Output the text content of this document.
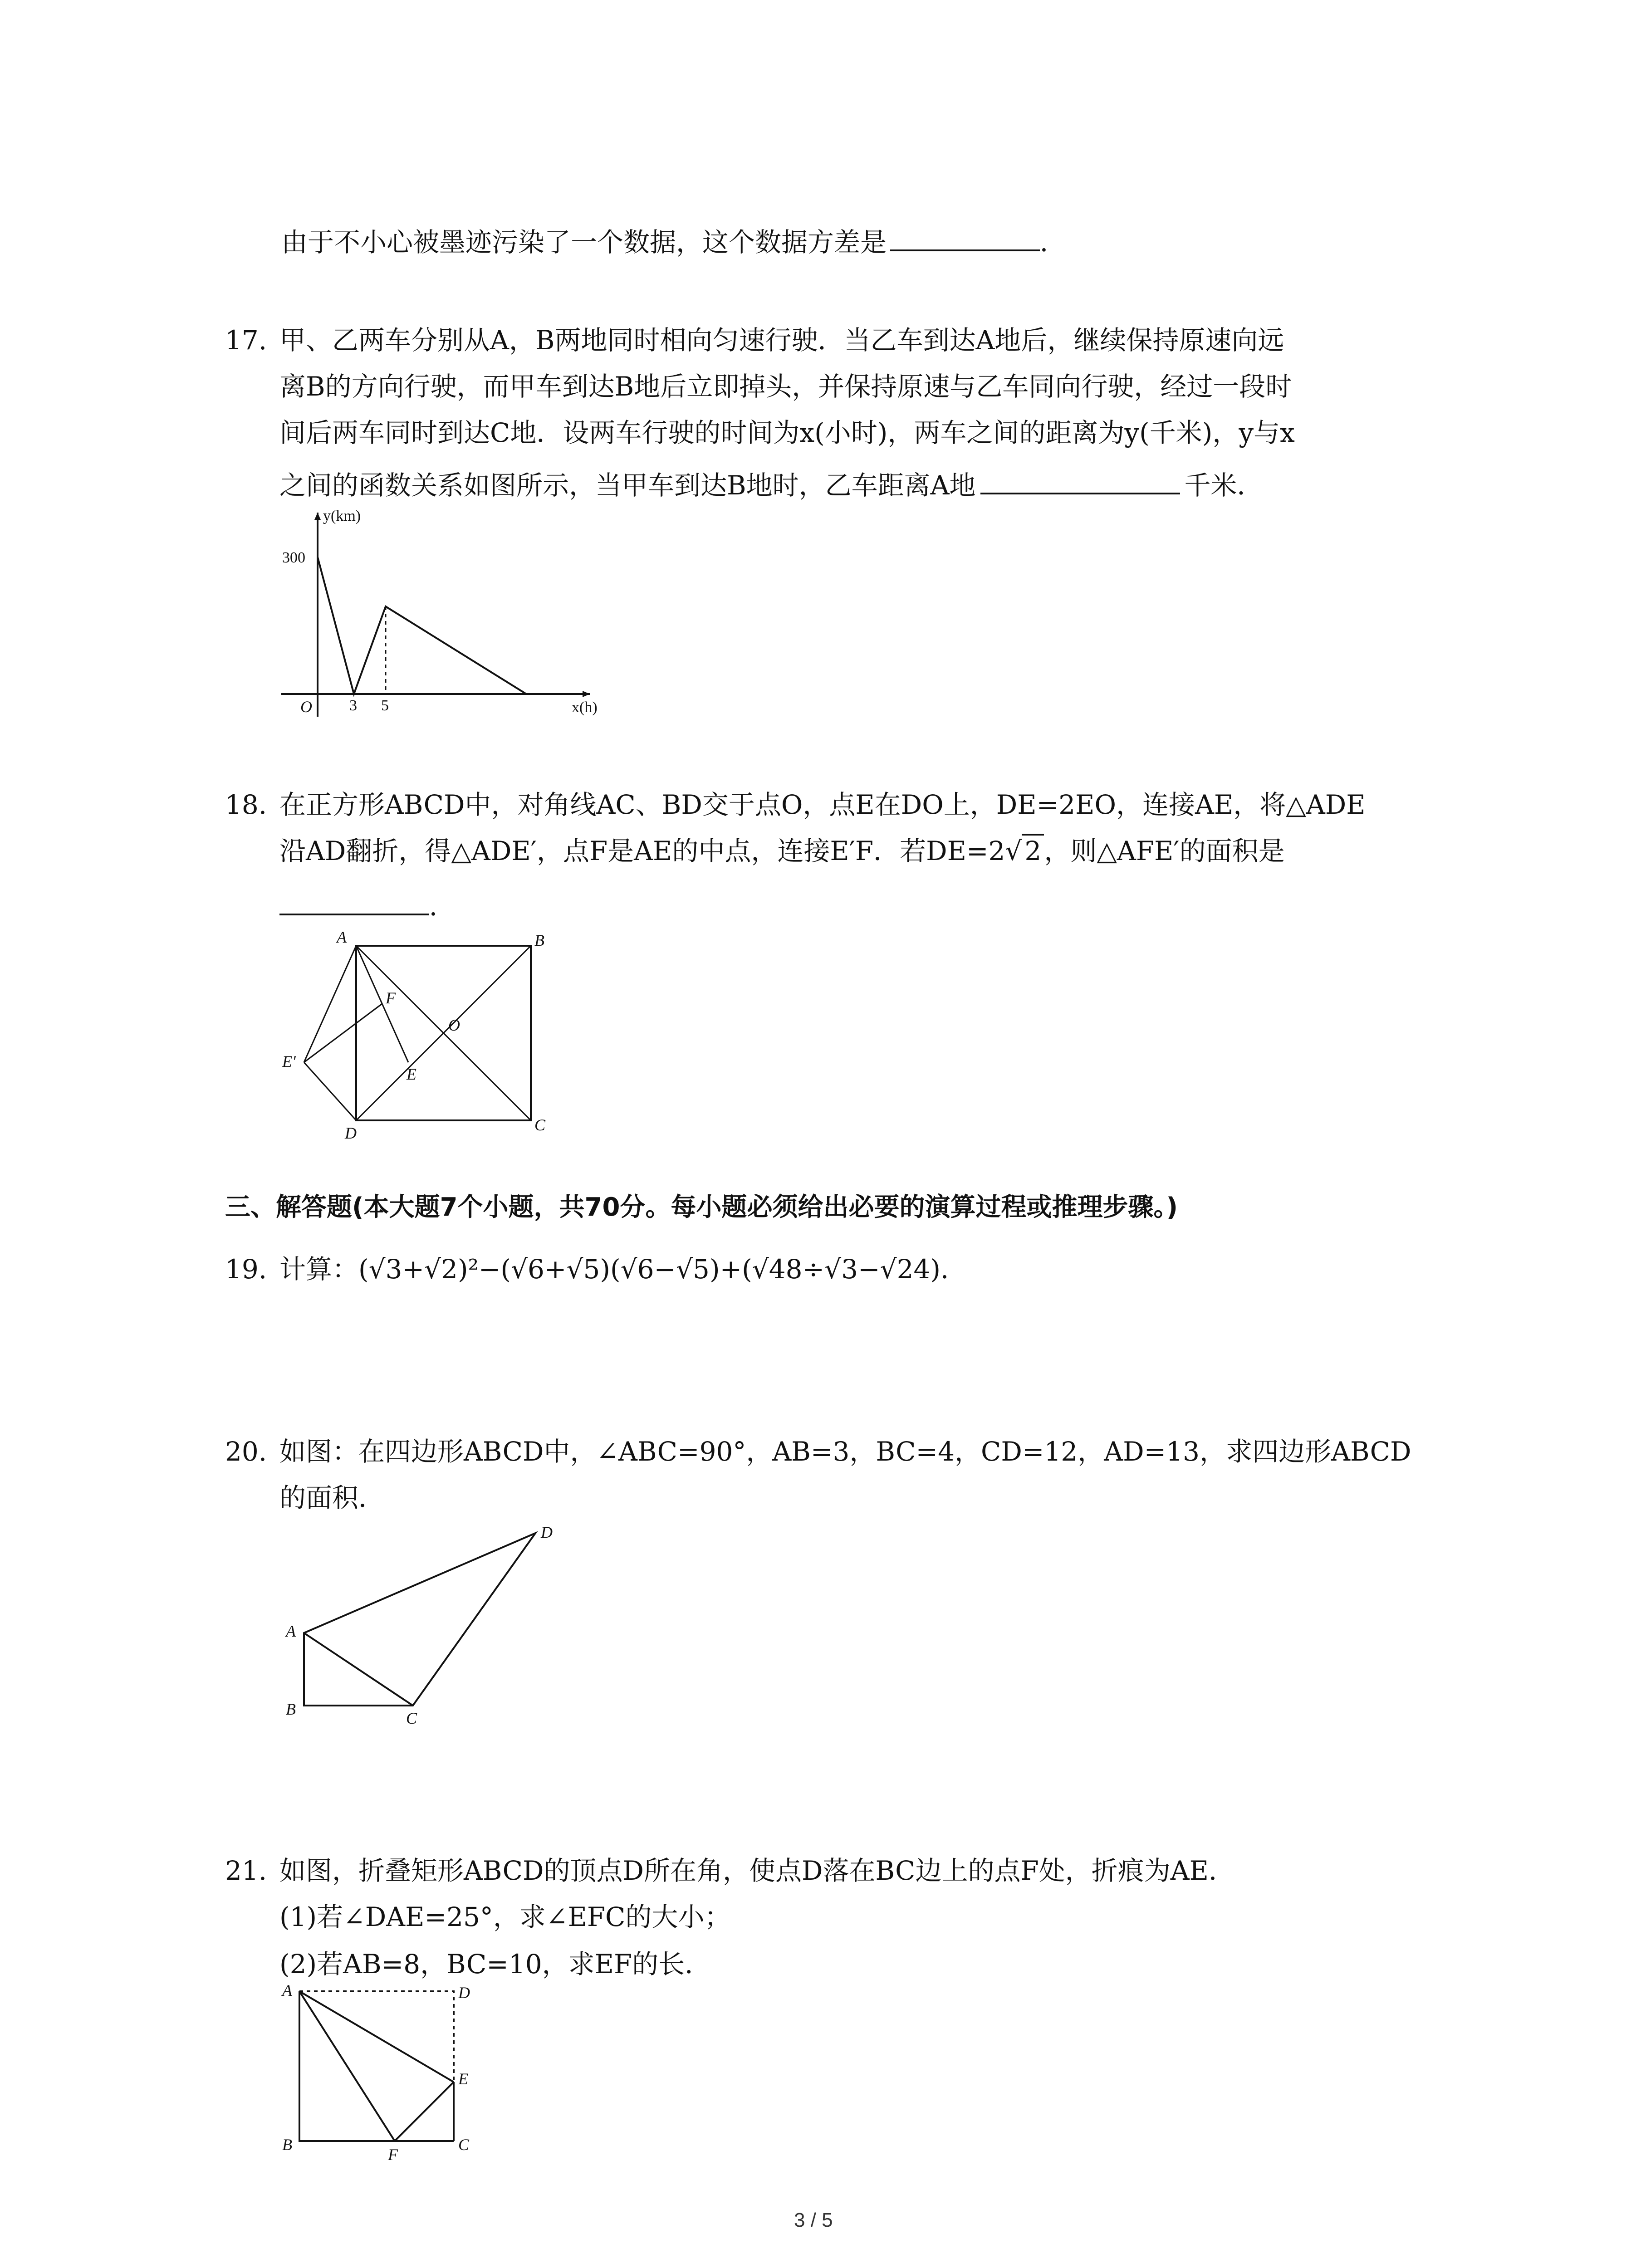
由于不小心被墨迹污染了一个数据，这个数据方差是	．
17. 甲、乙两车分别从A，B两地同时相向匀速行驶．当乙车到达A地后，继续保持原速向远
离B的方向行驶，而甲车到达B地后立即掉头，并保持原速与乙车同向行驶，经过一段时
间后两车同时到达C地．设两车行驶的时间为x(小时)，两车之间的距离为y(千米)，y与x
之间的函数关系如图所示，当甲车到达B地时，乙车距离A地	千米．
y(km)
x(h)
O
300
3 5
18. 在正方形ABCD中，对角线AC、BD交于点O，点E在DO上，DE=2EO，连接AE，将△ADE
沿AD翻折，得△ADE′，点F是AE的中点，连接E′F．若DE=2√ 2 ，则△AFE′的面积是
．
A	B
C
D
E
E′
F
O
三、解答题(本大题7个小题，共70分。每小题必须给出必要的演算过程或推理步骤。)
19. 计算：(√3+√2)²−(√6+√5)(√6−√5)+(√48÷√3−√24)．
20. 如图：在四边形ABCD中，∠ABC=90°，AB=3，BC=4，CD=12，AD=13，求四边形ABCD
的面积．
A
B	C
D
21. 如图，折叠矩形ABCD的顶点D所在角，使点D落在BC边上的点F处，折痕为AE．
(1)若∠DAE=25°，求∠EFC的大小；
(2)若AB=8，BC=10，求EF的长．
A
B	C
D
E
F
3 / 5
